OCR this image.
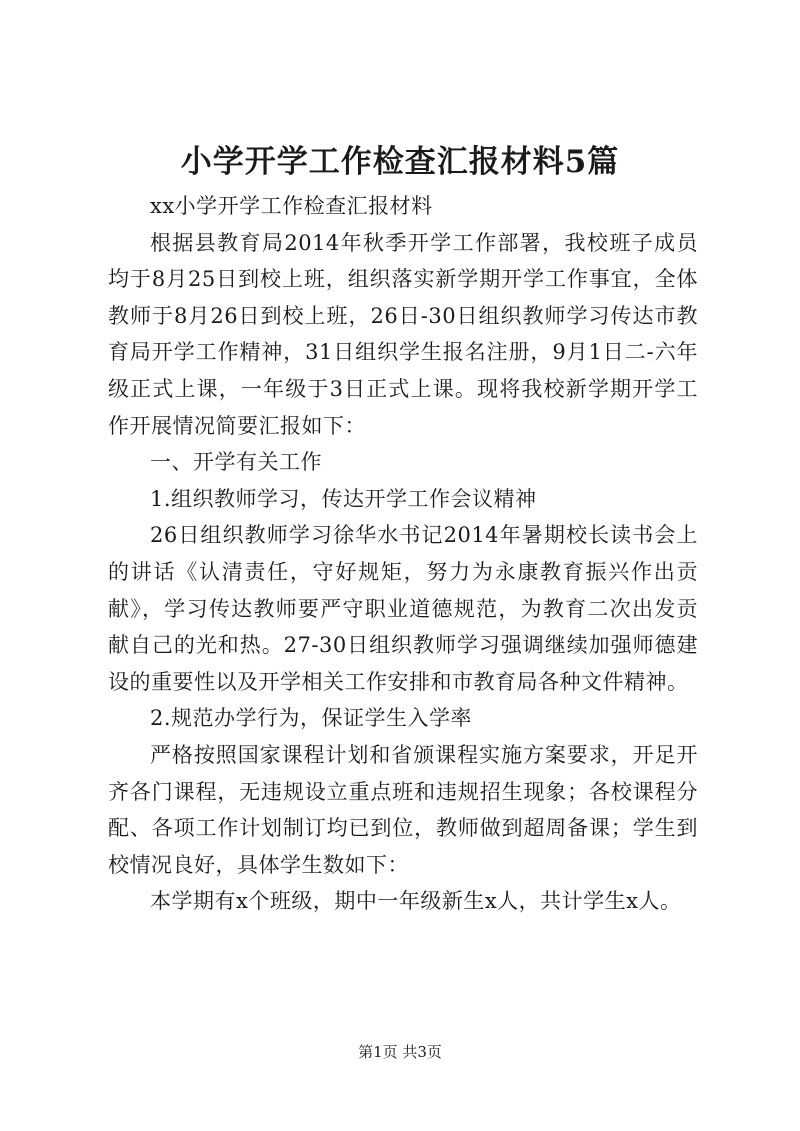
小学开学工作检查汇报材料5篇

xx小学开学工作检查汇报材料

根据县教育局2014年秋季开学工作部署，我校班子成员均于8月25日到校上班，组织落实新学期开学工作事宜，全体教师于8月26日到校上班，26日-30日组织教师学习传达市教育局开学工作精神，31日组织学生报名注册，9月1日二-六年级正式上课，一年级于3日正式上课。现将我校新学期开学工作开展情况简要汇报如下：

一、开学有关工作

1.组织教师学习，传达开学工作会议精神

26日组织教师学习徐华水书记2014年暑期校长读书会上的讲话《认清责任，守好规矩，努力为永康教育振兴作出贡献》，学习传达教师要严守职业道德规范，为教育二次出发贡献自己的光和热。27-30日组织教师学习强调继续加强师德建设的重要性以及开学相关工作安排和市教育局各种文件精神。

2.规范办学行为，保证学生入学率

严格按照国家课程计划和省颁课程实施方案要求，开足开齐各门课程，无违规设立重点班和违规招生现象；各校课程分配、各项工作计划制订均已到位，教师做到超周备课；学生到校情况良好，具体学生数如下：

本学期有x个班级，期中一年级新生x人，共计学生x人。

第1页 共3页
